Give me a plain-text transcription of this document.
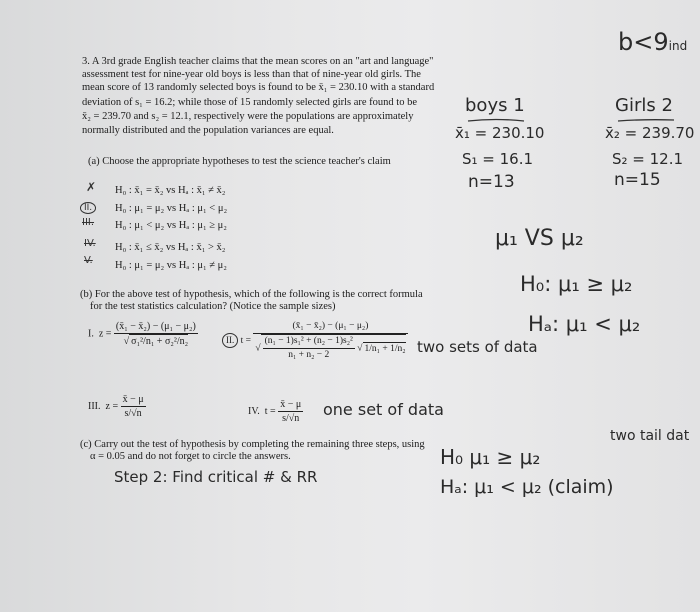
3. A 3rd grade English teacher claims that the mean scores on an "art and language"
assessment test for nine-year old boys is less than that of nine-year old girls. The
mean score of 13 randomly selected boys is found to be x̄₁ = 230.10 with a standard
deviation of s₁ = 16.2; while those of 15 randomly selected girls are found to be
x̄₂ = 239.70 and s₂ = 12.1, respectively were the populations are approximately
normally distributed and the population variances are equal.
(a) Choose the appropriate hypotheses to test the science teacher's claim
✗ H₀ : x̄₁ = x̄₂ vs Hₐ : x̄₁ ≠ x̄₂
II.	H₀ : μ₁ = μ₂ vs Hₐ : μ₁ < μ₂
III. H₀ : μ₁ < μ₂ vs Hₐ : μ₁ ≥ μ₂
IV. H₀ : x̄₁ ≤ x̄₂ vs Hₐ : x̄₁ > x̄₂
V. H₀ : μ₁ = μ₂ vs Hₐ : μ₁ ≠ μ₂
(b) For the above test of hypothesis, which of the following is the correct formula
for the test statistics calculation? (Notice the sample sizes)
I. $z = \frac{\text{(x̄₁ − x̄₂) − (μ₁ − μ₂)}}{\text{√ σ₁²/n₁ + σ₂²/n₂}}$	II. $t = \frac{\text{(x̄₁ − x̄₂) − (μ₁ − μ₂)}}{√ \frac{\text{(n₁ − 1)s₁² + (n₂ − 1)s₂²}}{\text{n₁ + n₂ − 2}} √ 1/n_1 + 1/n_2}$
III. $z = \frac{x̄ - \mu}{s/√n}$	IV. $t = \frac{x̄ - \mu}{s/√n}$
(c) Carry out the test of hypothesis by completing the remaining three steps, using
α = 0.05 and do not forget to circle the answers.
b<9ind
boys 1
x̄₁ = 230.10
S₁ = 16.1
n=13
Girls 2
x̄₂ = 239.70
S₂ = 12.1
n=15
μ₁ VS μ₂
H₀: μ₁ ≥ μ₂
Hₐ: μ₁ < μ₂
two sets of data
one set of data
two tail dat
H₀ μ₁ ≥ μ₂
Hₐ: μ₁ < μ₂ (claim)
Step 2: Find critical # & RR
